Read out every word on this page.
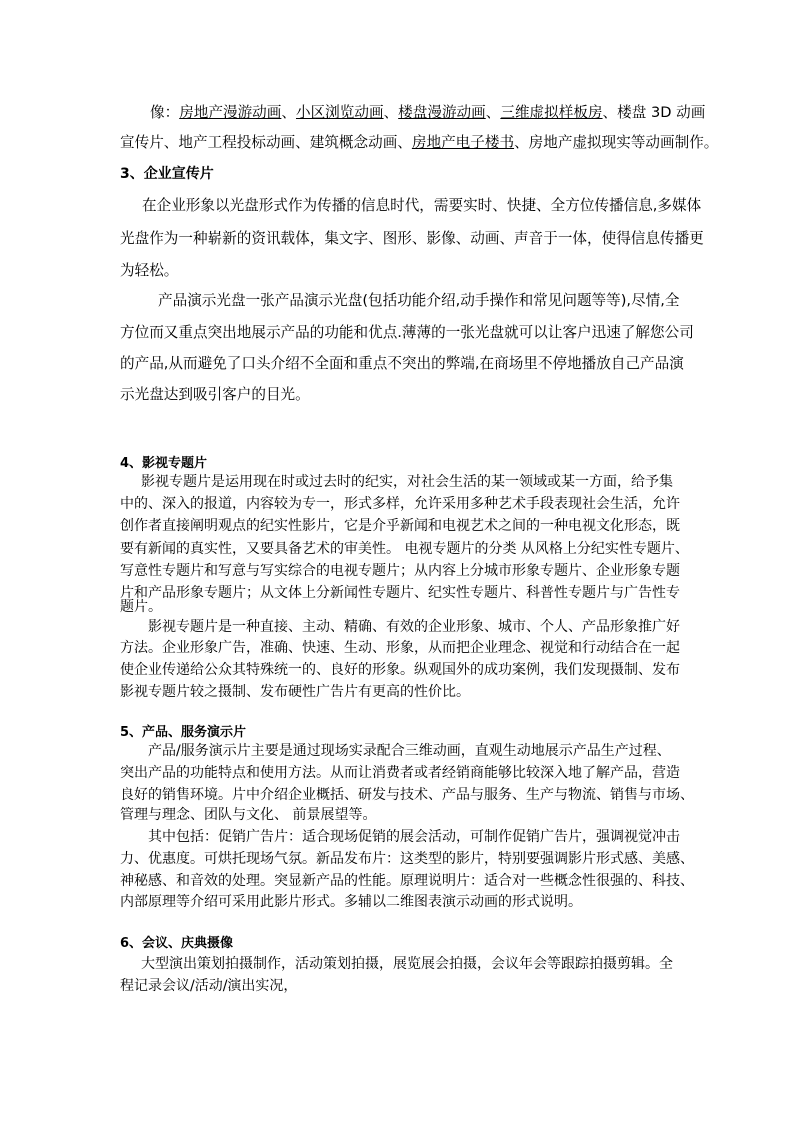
像：房地产漫游动画、小区浏览动画、楼盘漫游动画、三维虚拟样板房、楼盘 3D 动画
宣传片、地产工程投标动画、建筑概念动画、房地产电子楼书、房地产虚拟现实等动画制作。
3、企业宣传片
在企业形象以光盘形式作为传播的信息时代，需要实时、快捷、全方位传播信息,多媒体
光盘作为一种崭新的资讯载体，集文字、图形、影像、动画、声音于一体，使得信息传播更
为轻松。
产品演示光盘一张产品演示光盘(包括功能介绍,动手操作和常见问题等等),尽情,全
方位而又重点突出地展示产品的功能和优点.薄薄的一张光盘就可以让客户迅速了解您公司
的产品,从而避免了口头介绍不全面和重点不突出的弊端,在商场里不停地播放自己产品演
示光盘达到吸引客户的目光。
4、影视专题片
影视专题片是运用现在时或过去时的纪实，对社会生活的某一领域或某一方面，给予集
中的、深入的报道，内容较为专一，形式多样，允许采用多种艺术手段表现社会生活，允许
创作者直接阐明观点的纪实性影片，它是介乎新闻和电视艺术之间的一种电视文化形态，既
要有新闻的真实性，又要具备艺术的审美性。 电视专题片的分类 从风格上分纪实性专题片、
写意性专题片和写意与写实综合的电视专题片；从内容上分城市形象专题片、企业形象专题
片和产品形象专题片；从文体上分新闻性专题片、纪实性专题片、科普性专题片与广告性专
题片。
影视专题片是一种直接、主动、精确、有效的企业形象、城市、个人、产品形象推广好
方法。企业形象广告，准确、快速、生动、形象，从而把企业理念、视觉和行动结合在一起
使企业传递给公众其特殊统一的、良好的形象。纵观国外的成功案例，我们发现摄制、发布
影视专题片较之摄制、发布硬性广告片有更高的性价比。
5、产品、服务演示片
产品/服务演示片主要是通过现场实录配合三维动画，直观生动地展示产品生产过程、
突出产品的功能特点和使用方法。从而让消费者或者经销商能够比较深入地了解产品，营造
良好的销售环境。片中介绍企业概括、研发与技术、产品与服务、生产与物流、销售与市场、
管理与理念、团队与文化、 前景展望等。
其中包括：促销广告片：适合现场促销的展会活动，可制作促销广告片，强调视觉冲击
力、优惠度。可烘托现场气氛。新品发布片：这类型的影片，特别要强调影片形式感、美感、
神秘感、和音效的处理。突显新产品的性能。原理说明片：适合对一些概念性很强的、科技、
内部原理等介绍可采用此影片形式。多辅以二维图表演示动画的形式说明。
6、会议、庆典摄像
大型演出策划拍摄制作，活动策划拍摄，展览展会拍摄，会议年会等跟踪拍摄剪辑。全
程记录会议/活动/演出实况，
